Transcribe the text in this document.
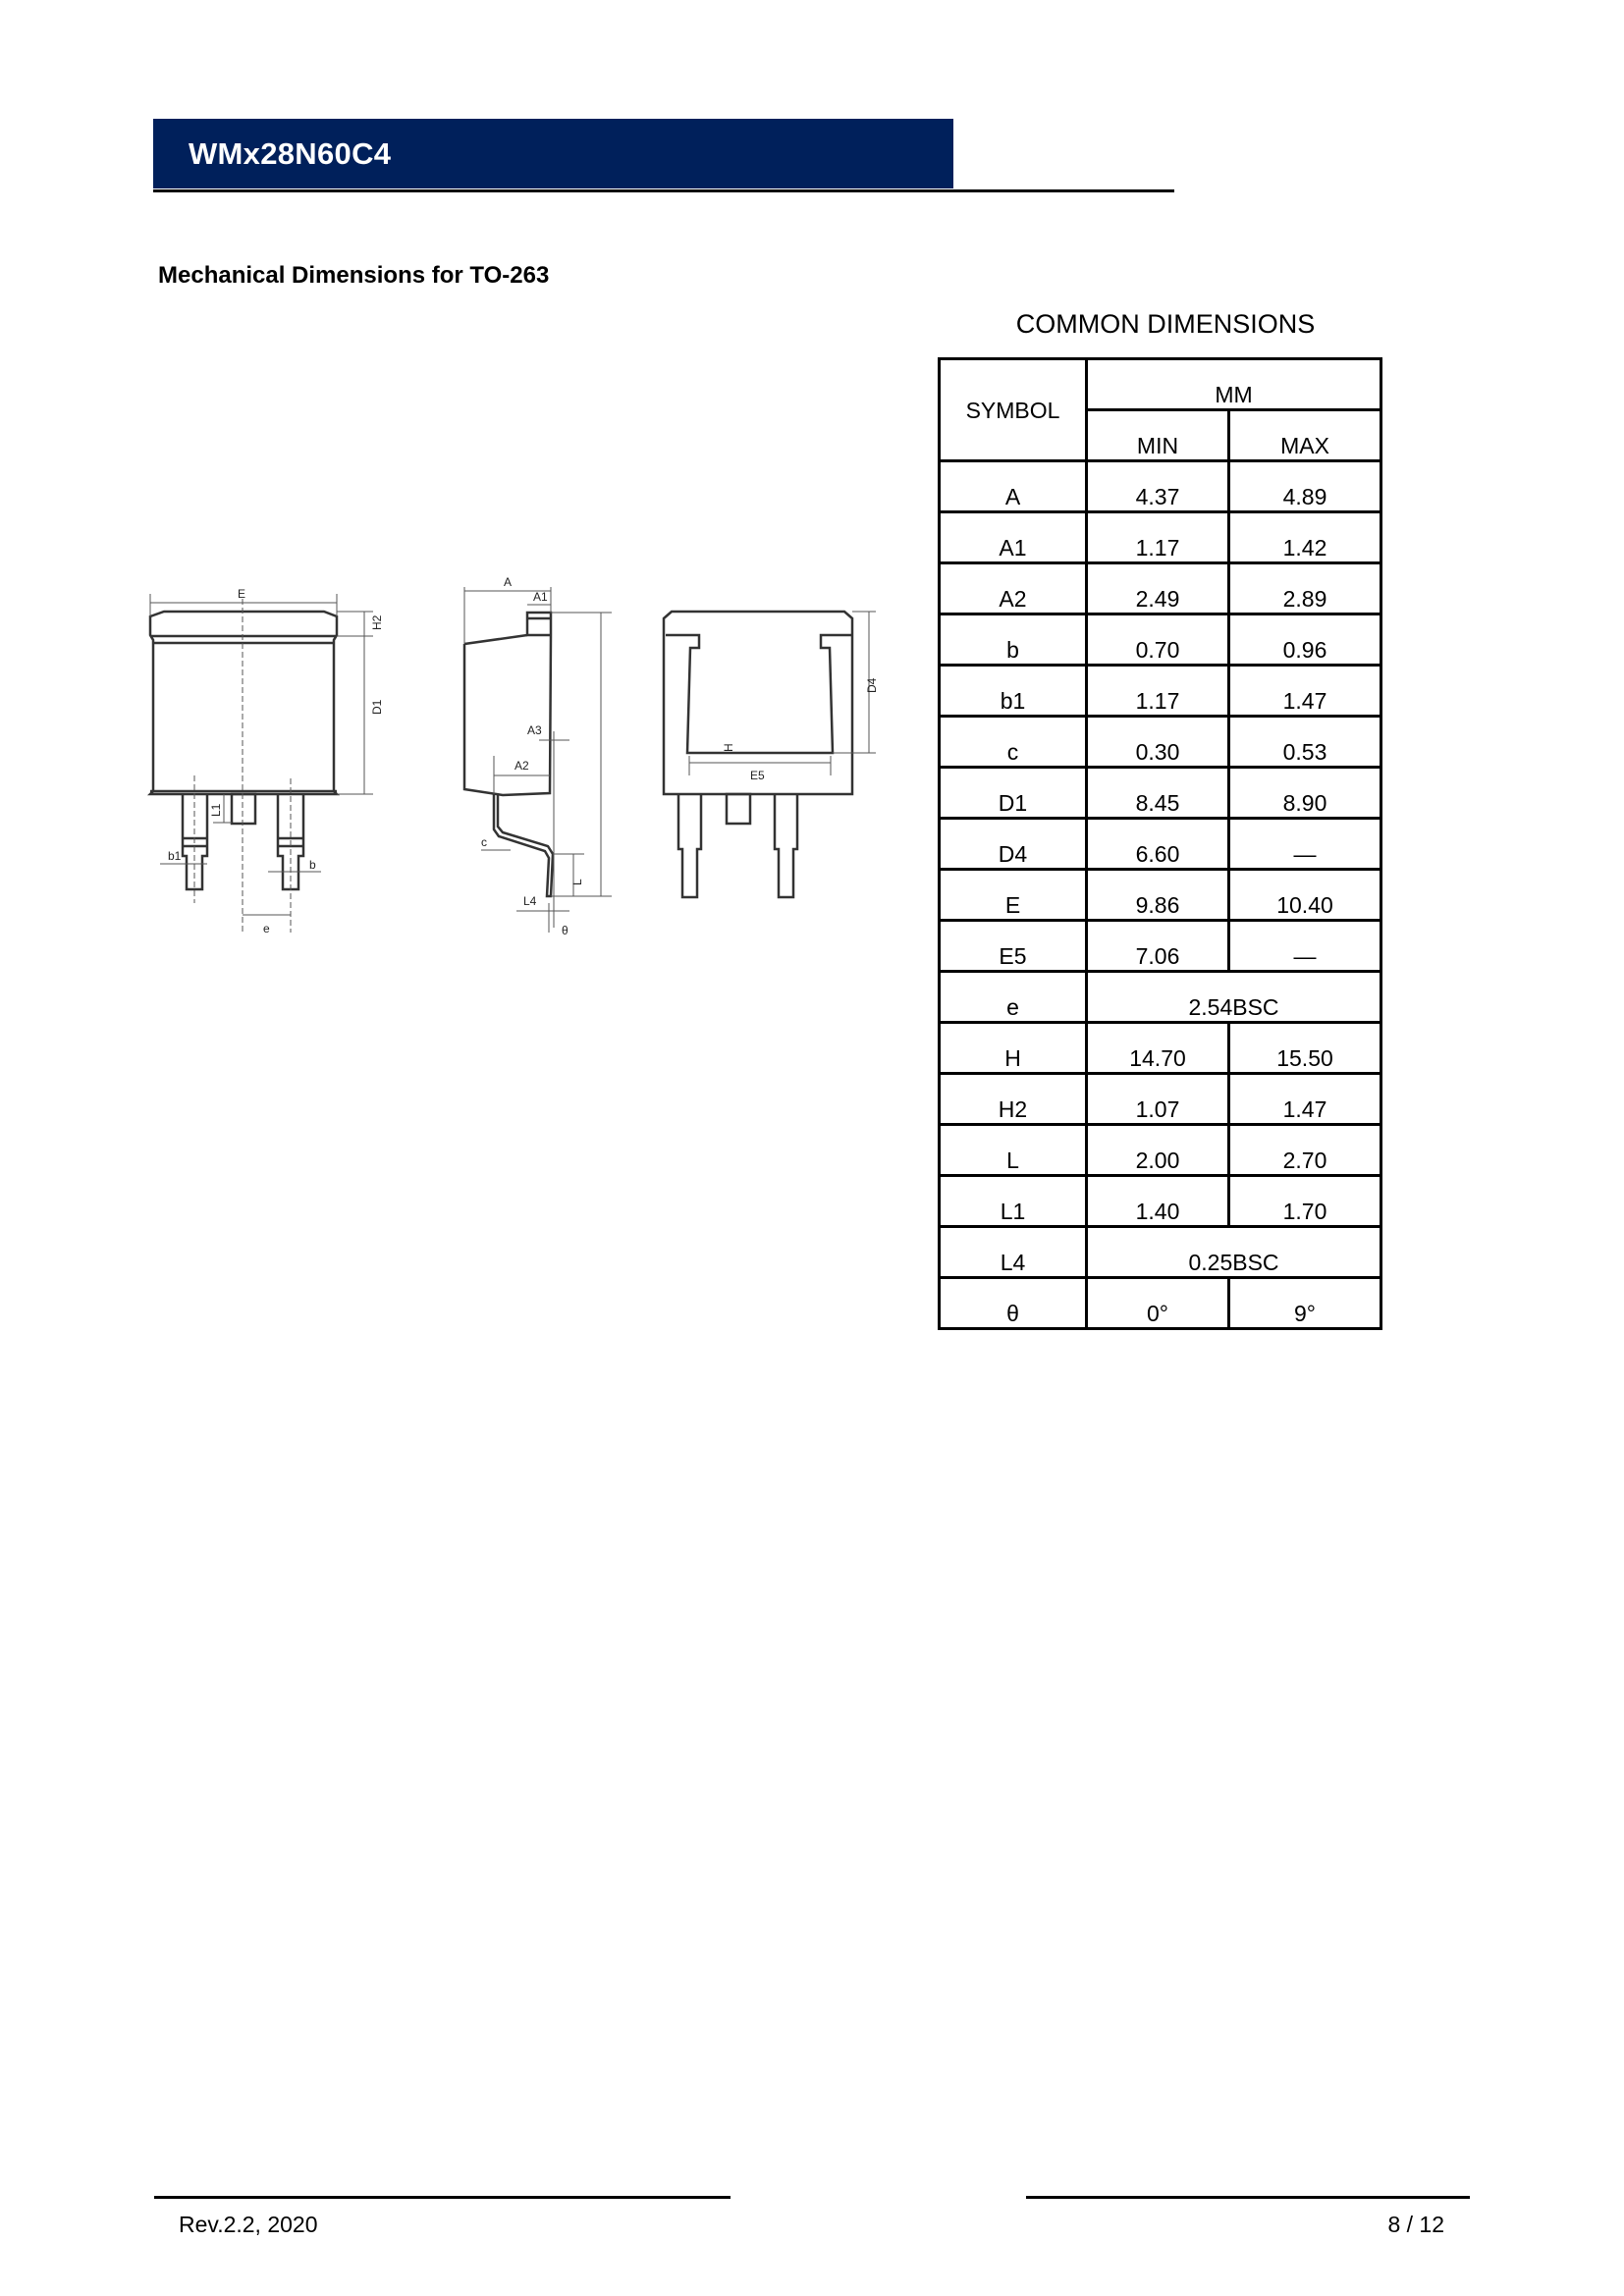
WMx28N60C4
Mechanical Dimensions for TO-263
E
H2
D1
L1
b1
b
e
A
A1
A3
A2
H
c
L
L4
θ
D4
E5
COMMON DIMENSIONS
SYMBOL	MM	
	MIN	MAX
A	4.37	4.89
A1	1.17	1.42
A2	2.49	2.89
b	0.70	0.96
b1	1.17	1.47
c	0.30	0.53
D1	8.45	8.90
D4	6.60	—
E	9.86	10.40
E5	7.06	—
e	2.54BSC	
H	14.70	15.50
H2	1.07	1.47
L	2.00	2.70
L1	1.40	1.70
L4	0.25BSC	
θ	0°	9°
Rev.2.2, 2020	8 / 12
